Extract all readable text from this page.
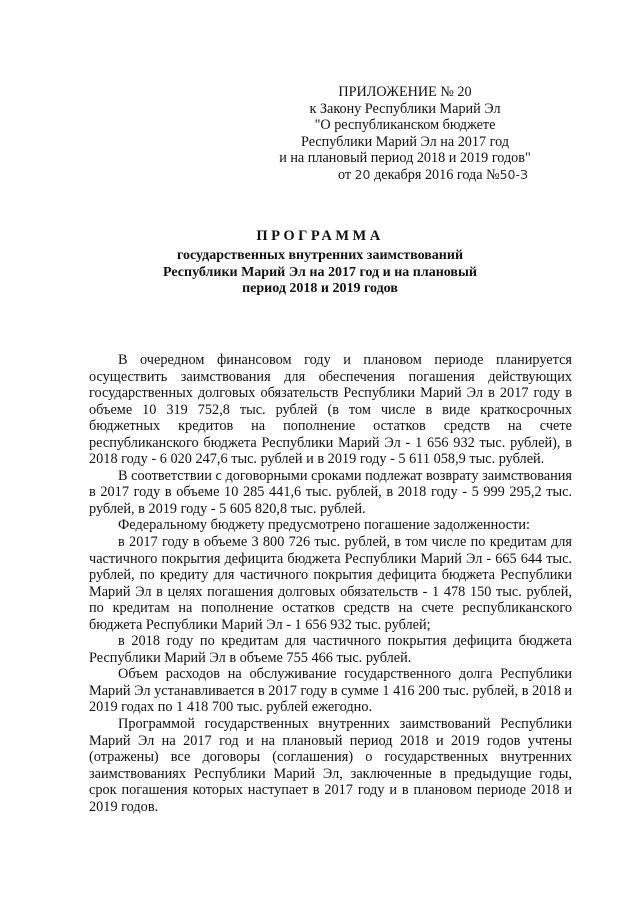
ПРИЛОЖЕНИЕ № 20
к Закону Республики Марий Эл
"О республиканском бюджете
Республики Марий Эл на 2017 год
и на плановый период 2018 и 2019 годов"
от 20 декабря 2016 года №50-З
ПРОГРАММА
государственных внутренних заимствований
Республики Марий Эл на 2017 год и на плановый
период 2018 и 2019 годов

В очередном финансовом году и плановом периоде планируется осуществить заимствования для обеспечения погашения действующих государственных долговых обязательств Республики Марий Эл в 2017 году в объеме 10 319 752,8 тыс. рублей (в том числе в виде краткосрочных бюджетных кредитов на пополнение остатков средств на счете республиканского бюджета Республики Марий Эл - 1 656 932 тыс. рублей), в 2018 году - 6 020 247,6 тыс. рублей и в 2019 году - 5 611 058,9 тыс. рублей.

В соответствии с договорными сроками подлежат возврату заимствования в 2017 году в объеме 10 285 441,6 тыс. рублей, в 2018 году - 5 999 295,2 тыс. рублей, в 2019 году - 5 605 820,8 тыс. рублей.

Федеральному бюджету предусмотрено погашение задолженности:

в 2017 году в объеме 3 800 726 тыс. рублей, в том числе по кредитам для частичного покрытия дефицита бюджета Республики Марий Эл - 665 644 тыс. рублей, по кредиту для частичного покрытия дефицита бюджета Республики Марий Эл в целях погашения долговых обязательств - 1 478 150 тыс. рублей, по кредитам на пополнение остатков средств на счете республиканского бюджета Республики Марий Эл - 1 656 932 тыс. рублей;

в 2018 году по кредитам для частичного покрытия дефицита бюджета Республики Марий Эл в объеме 755 466 тыс. рублей.

Объем расходов на обслуживание государственного долга Республики Марий Эл устанавливается в 2017 году в сумме 1 416 200 тыс. рублей, в 2018 и 2019 годах по 1 418 700 тыс. рублей ежегодно.

Программой государственных внутренних заимствований Республики Марий Эл на 2017 год и на плановый период 2018 и 2019 годов учтены (отражены) все договоры (соглашения) о государственных внутренних заимствованиях Республики Марий Эл, заключенные в предыдущие годы, срок погашения которых наступает в 2017 году и в плановом периоде 2018 и 2019 годов.
